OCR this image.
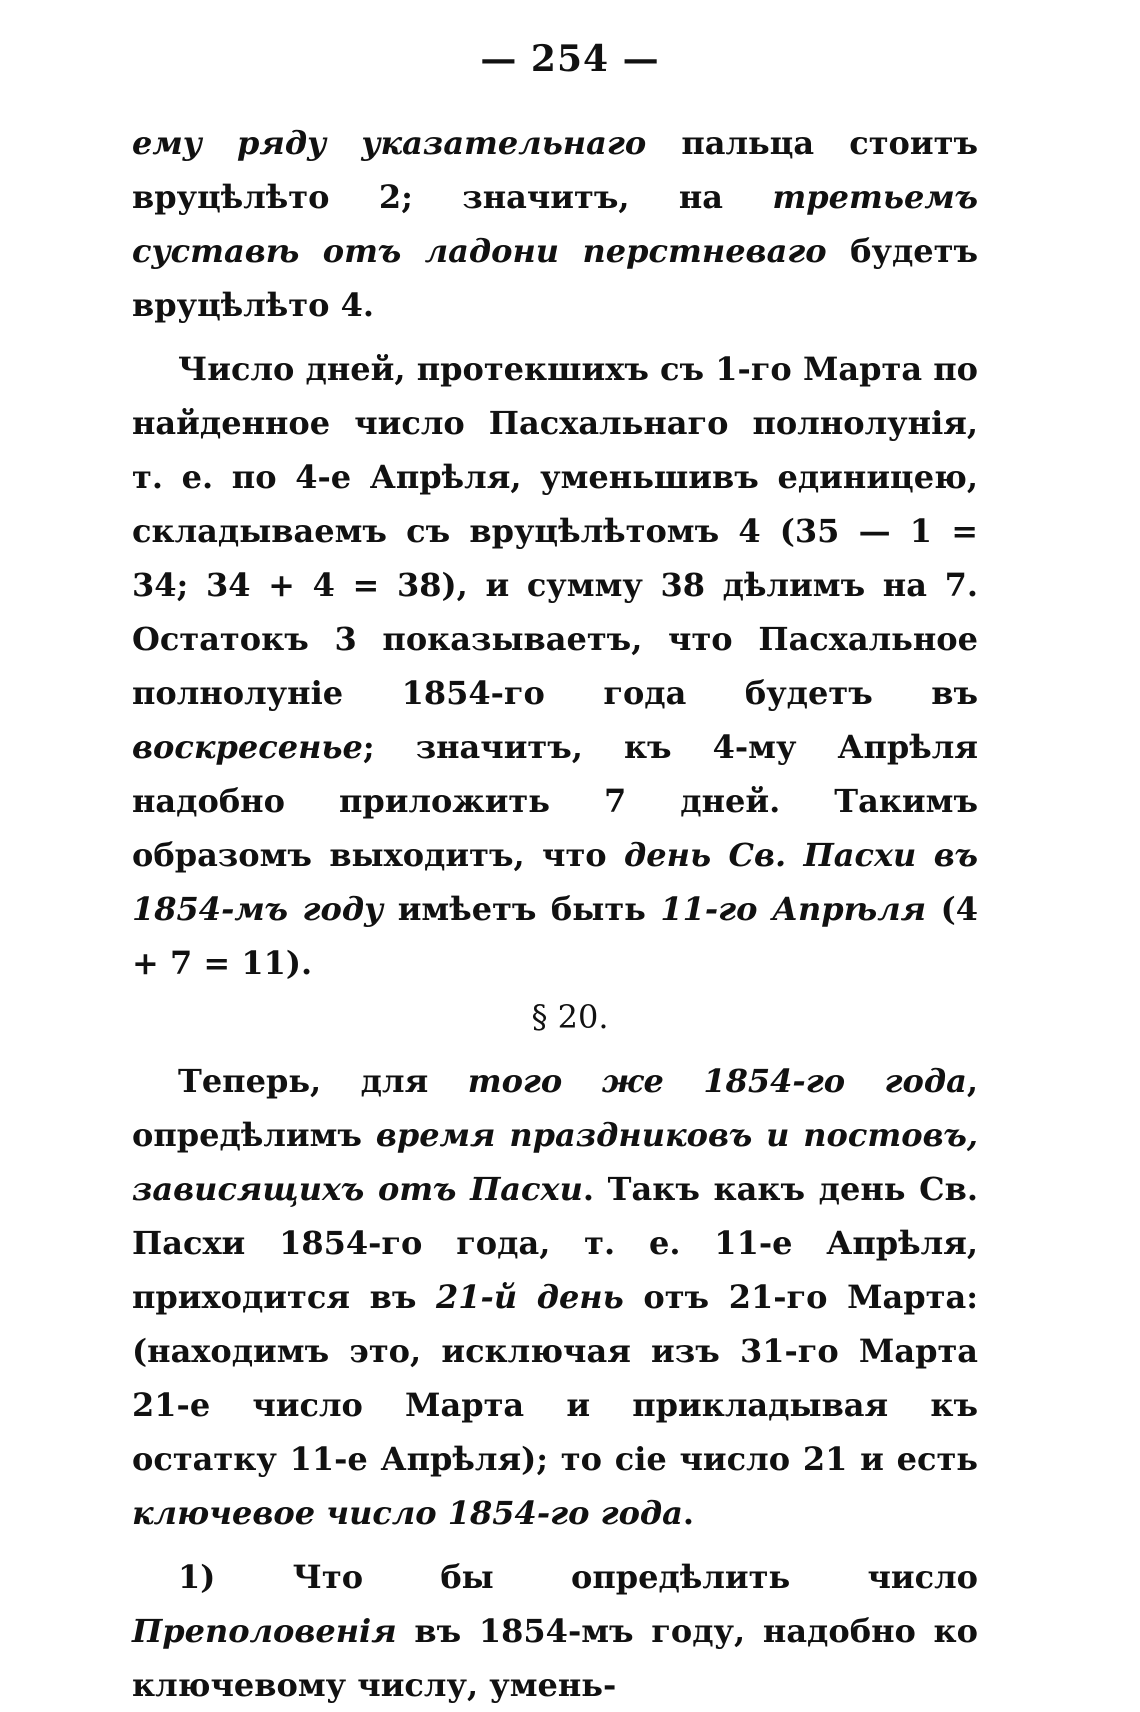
— 254 —

ему ряду указательнаго пальца стоитъ вруцѣлѣто 2; значитъ, на третьемъ суставѣ отъ ладони перстневаго будетъ вруцѣлѣто 4.

Число дней, протекшихъ съ 1-го Марта по найденное число Пасхальнаго полнолунія, т. е. по 4-е Апрѣля, уменьшивъ единицею, складываемъ съ вруцѣлѣтомъ 4 (35 — 1 = 34; 34 + 4 = 38), и сумму 38 дѣлимъ на 7. Остатокъ 3 показываетъ, что Пасхальное полнолуніе 1854-го года будетъ въ воскресенье; значитъ, къ 4-му Апрѣля надобно приложить 7 дней. Такимъ образомъ выходитъ, что день Св. Пасхи въ 1854-мъ году имѣетъ быть 11-го Апрѣля (4 + 7 = 11).

§ 20.

Теперь, для того же 1854-го года, опредѣлимъ время праздниковъ и постовъ, зависящихъ отъ Пасхи. Такъ какъ день Св. Пасхи 1854-го года, т. е. 11-е Апрѣля, приходится въ 21-й день отъ 21-го Марта: (находимъ это, исключая изъ 31-го Марта 21-е число Марта и прикладывая къ остатку 11-е Апрѣля); то сіе число 21 и есть ключевое число 1854-го года.

1) Что бы опредѣлить число Преполовенія въ 1854-мъ году, надобно ко ключевому числу, умень-
